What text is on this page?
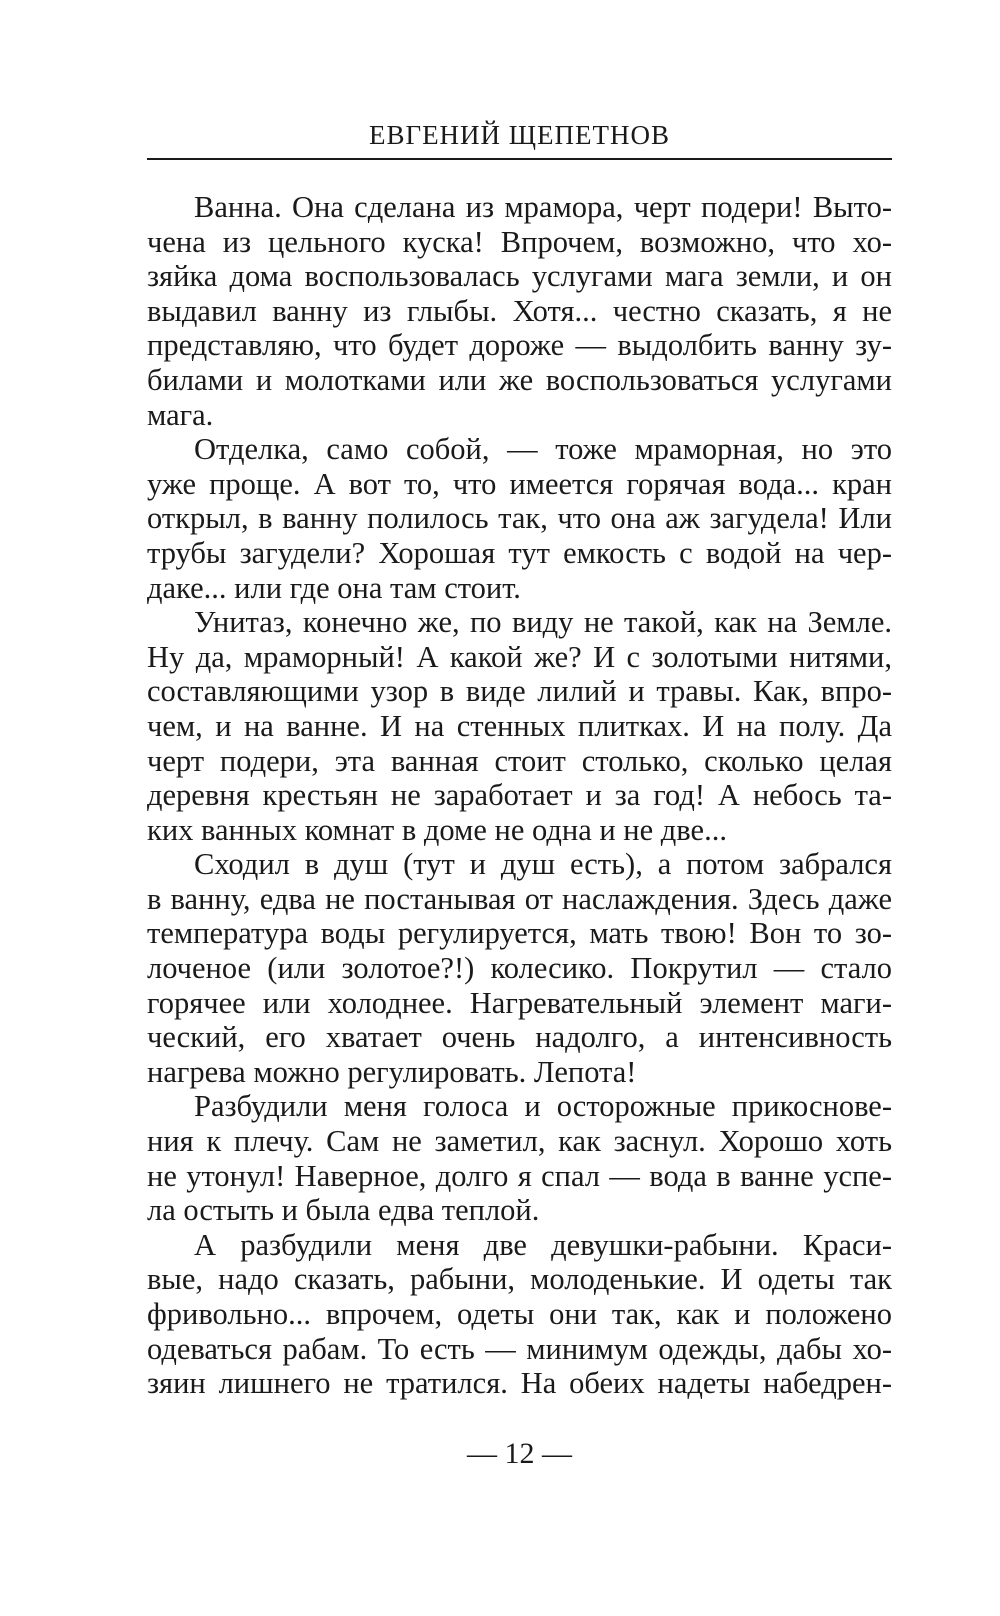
ЕВГЕНИЙ ЩЕПЕТНОВ

Ванна. Она сделана из мрамора, черт подери! Выто-
чена из цельного куска! Впрочем, возможно, что хо-
зяйка дома воспользовалась услугами мага земли, и он
выдавил ванну из глыбы. Хотя... честно сказать, я не
представляю, что будет дороже — выдолбить ванну зу-
билами и молотками или же воспользоваться услугами
мага.

Отделка, само собой, — тоже мраморная, но это
уже проще. А вот то, что имеется горячая вода... кран
открыл, в ванну полилось так, что она аж загудела! Или
трубы загудели? Хорошая тут емкость с водой на чер-
даке... или где она там стоит.

Унитаз, конечно же, по виду не такой, как на Земле.
Ну да, мраморный! А какой же? И с золотыми нитями,
составляющими узор в виде лилий и травы. Как, впро-
чем, и на ванне. И на стенных плитках. И на полу. Да
черт подери, эта ванная стоит столько, сколько целая
деревня крестьян не заработает и за год! А небось та-
ких ванных комнат в доме не одна и не две...

Сходил в душ (тут и душ есть), а потом забрался
в ванну, едва не постанывая от наслаждения. Здесь даже
температура воды регулируется, мать твою! Вон то зо-
лоченое (или золотое?!) колесико. Покрутил — стало
горячее или холоднее. Нагревательный элемент маги-
ческий, его хватает очень надолго, а интенсивность
нагрева можно регулировать. Лепота!

Разбудили меня голоса и осторожные прикоснове-
ния к плечу. Сам не заметил, как заснул. Хорошо хоть
не утонул! Наверное, долго я спал — вода в ванне успе-
ла остыть и была едва теплой.

А разбудили меня две девушки-рабыни. Краси-
вые, надо сказать, рабыни, молоденькие. И одеты так
фривольно... впрочем, одеты они так, как и положено
одеваться рабам. То есть — минимум одежды, дабы хо-
зяин лишнего не тратился. На обеих надеты набедрен-

— 12 —
